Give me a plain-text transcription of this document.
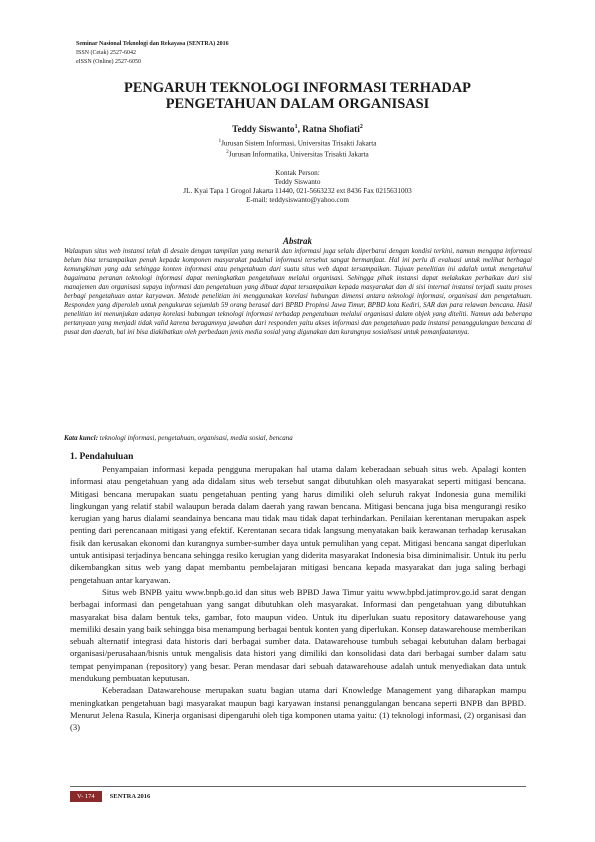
Seminar Nasional Teknologi dan Rekayasa (SENTRA) 2016
ISSN (Cetak) 2527-6042
eISSN (Online) 2527-6050
PENGARUH TEKNOLOGI INFORMASI TERHADAP
PENGETAHUAN DALAM ORGANISASI
Teddy Siswanto$^1$, Ratna Shofiati$^2$
$^1$Jurusan Sistem Informasi, Universitas Trisakti Jakarta
$^2$Jurusan Informatika, Universitas Trisakti Jakarta
Kontak Person:
Teddy Siswanto
JL. Kyai Tapa 1 Grogol Jakarta 11440, 021-5663232 ext 8436 Fax 0215631003
E-mail: teddysiswanto@yahoo.com
Abstrak
Walaupun situs web instansi telah di desain dengan tampilan yang menarik dan informasi juga selalu diperbarui dengan kondisi terkini, namun mengapa informasi belum bisa tersampaikan penuh kepada komponen masyarakat padahal informasi tersebut sangat bermanfaat. Hal ini perlu di evaluasi untuk melihat berbagai kemungkinan yang ada sehingga konten informasi atau pengetahuan dari suatu situs web dapat tersampaikan. Tujuan penelitian ini adalah untuk mengetahui bagaimana peranan teknologi informasi dapat meningkatkan pengetahuan melalui organisasi. Sehingga pihak instansi dapat melakukan perbaikan dari sisi manajemen dan organisasi supaya informasi dan pengetahuan yang dibuat dapat tersampaikan kepada masyarakat dan di sisi internal instansi terjadi suatu proses berbagi pengetahuan antar karyawan. Metode penelitian ini menggunakan korelasi hubungan dimensi antara teknologi informasi, organisasi dan pengetahuan. Responden yang diperoleh untuk pengukuran sejumlah 59 orang berasal dari BPBD Propinsi Jawa Timur, BPBD kota Kediri, SAR dan para relawan bencana. Hasil penelitian ini menunjukan adanya korelasi hubungan teknologi informasi terhadap pengetahuan melalui organisasi dalam objek yang diteliti. Namun ada beberapa pertanyaan yang menjadi tidak valid karena beragamnya jawaban dari responden yaitu akses informasi dan pengetahuan pada instansi penanggulangan bencana di pusat dan daerah, hal ini bisa diakibatkan oleh perbedaan jenis media sosial yang digunakan dan kurangnya sosialisasi untuk pemanfaatannya.
Kata kunci: teknologi informasi, pengetahuan, organisasi, media sosial, bencana
1. Pendahuluan

Penyampaian informasi kepada pengguna merupakan hal utama dalam keberadaan sebuah situs web. Apalagi konten informasi atau pengetahuan yang ada didalam situs web tersebut sangat dibutuhkan oleh masyarakat seperti mitigasi bencana. Mitigasi bencana merupakan suatu pengetahuan penting yang harus dimiliki oleh seluruh rakyat Indonesia guna memiliki lingkungan yang relatif stabil walaupun berada dalam daerah yang rawan bencana. Mitigasi bencana juga bisa mengurangi resiko kerugian yang harus dialami seandainya bencana mau tidak mau tidak dapat terhindarkan. Penilaian kerentanan merupakan aspek penting dari perencanaan mitigasi yang efektif. Kerentanan secara tidak langsung menyatakan baik kerawanan terhadap kerusakan fisik dan kerusakan ekonomi dan kurangnya sumber-sumber daya untuk pemulihan yang cepat. Mitigasi bencana sangat diperlukan untuk antisipasi terjadinya bencana sehingga resiko kerugian yang diderita masyarakat Indonesia bisa diminimalisir. Untuk itu perlu dikembangkan situs web yang dapat membantu pembelajaran mitigasi bencana kepada masyarakat dan juga saling berbagi pengetahuan antar karyawan.

Situs web BNPB yaitu www.bnpb.go.id dan situs web BPBD Jawa Timur yaitu www.bpbd.jatimprov.go.id sarat dengan berbagai informasi dan pengetahuan yang sangat dibutuhkan oleh masyarakat. Informasi dan pengetahuan yang dibutuhkan masyarakat bisa dalam bentuk teks, gambar, foto maupun video. Untuk itu diperlukan suatu repository datawarehouse yang memiliki desain yang baik sehingga bisa menampung berbagai bentuk konten yang diperlukan. Konsep datawarehouse memberikan sebuah alternatif integrasi data historis dari berbagai sumber data. Datawarehouse tumbuh sebagai kebutuhan dalam berbagai organisasi/perusahaan/bisnis untuk mengalisis data histori yang dimiliki dan konsolidasi data dari berbagai sumber dalam satu tempat penyimpanan (repository) yang besar. Peran mendasar dari sebuah datawarehouse adalah untuk menyediakan data untuk mendukung pembuatan keputusan.

Keberadaan Datawarehouse merupakan suatu bagian utama dari Knowledge Management yang diharapkan mampu meningkatkan pengetahuan bagi masyarakat maupun bagi karyawan instansi penanggulangan bencana seperti BNPB dan BPBD. Menurut Jelena Rasula, Kinerja organisasi dipengaruhi oleh tiga komponen utama yaitu: (1) teknologi informasi, (2) organisasi dan (3)

V- 174	SENTRA 2016
